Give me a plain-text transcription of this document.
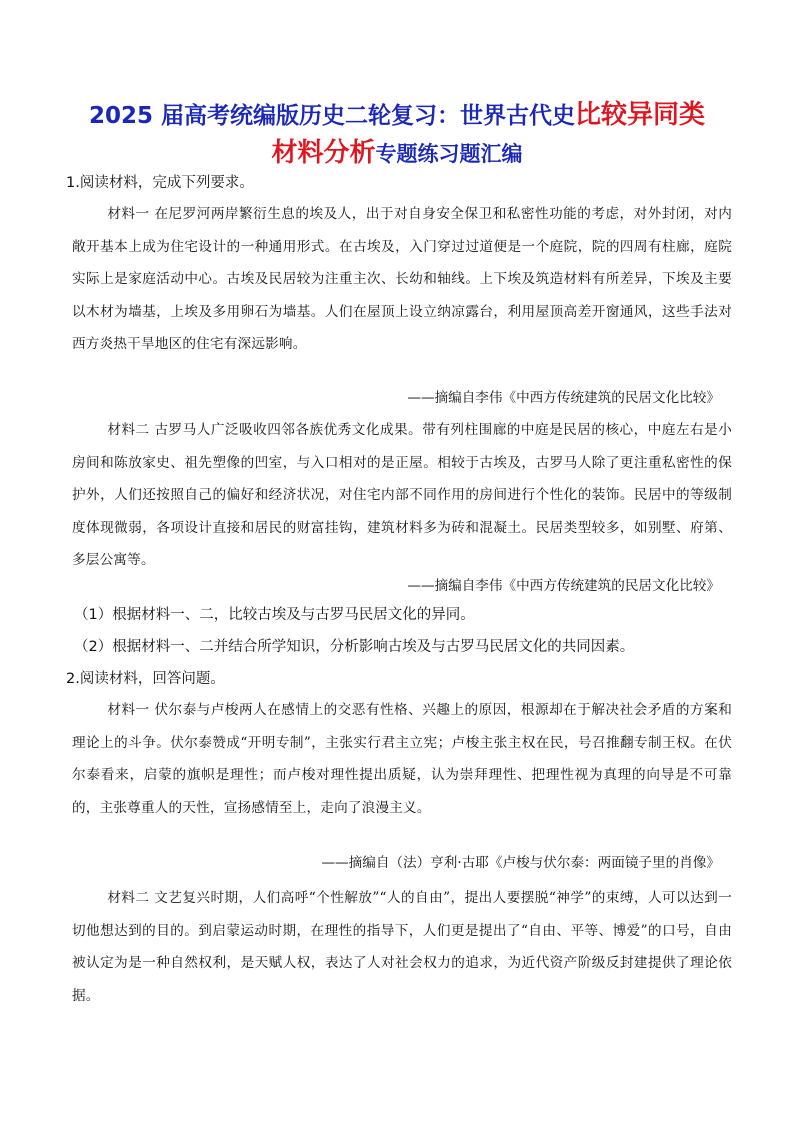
2025 届高考统编版历史二轮复习：世界古代史比较异同类
材料分析专题练习题汇编
1.阅读材料，完成下列要求。
材料一 在尼罗河两岸繁衍生息的埃及人，出于对自身安全保卫和私密性功能的考虑，对外封闭，对内敞开基本上成为住宅设计的一种通用形式。在古埃及，入门穿过过道便是一个庭院，院的四周有柱廊，庭院实际上是家庭活动中心。古埃及民居较为注重主次、长幼和轴线。上下埃及筑造材料有所差异，下埃及主要以木材为墙基，上埃及多用卵石为墙基。人们在屋顶上设立纳凉露台，利用屋顶高差开窗通风，这些手法对西方炎热干旱地区的住宅有深远影响。
——摘编自李伟《中西方传统建筑的民居文化比较》
材料二 古罗马人广泛吸收四邻各族优秀文化成果。带有列柱围廊的中庭是民居的核心，中庭左右是小房间和陈放家史、祖先塑像的凹室，与入口相对的是正屋。相较于古埃及，古罗马人除了更注重私密性的保护外，人们还按照自己的偏好和经济状况，对住宅内部不同作用的房间进行个性化的装饰。民居中的等级制度体现微弱，各项设计直接和居民的财富挂钩，建筑材料多为砖和混凝土。民居类型较多，如别墅、府第、多层公寓等。
——摘编自李伟《中西方传统建筑的民居文化比较》
（1）根据材料一、二，比较古埃及与古罗马民居文化的异同。
（2）根据材料一、二并结合所学知识，分析影响古埃及与古罗马民居文化的共同因素。
2.阅读材料，回答问题。
材料一 伏尔泰与卢梭两人在感情上的交恶有性格、兴趣上的原因，根源却在于解决社会矛盾的方案和理论上的斗争。伏尔泰赞成“开明专制”，主张实行君主立宪；卢梭主张主权在民，号召推翻专制王权。在伏尔泰看来，启蒙的旗帜是理性；而卢梭对理性提出质疑，认为崇拜理性、把理性视为真理的向导是不可靠的，主张尊重人的天性，宣扬感情至上，走向了浪漫主义。
——摘编自（法）亨利·古耶《卢梭与伏尔泰：两面镜子里的肖像》
材料二 文艺复兴时期，人们高呼“个性解放”“人的自由”，提出人要摆脱“神学”的束缚，人可以达到一切他想达到的目的。到启蒙运动时期，在理性的指导下，人们更是提出了“自由、平等、博爱”的口号，自由被认定为是一种自然权利，是天赋人权，表达了人对社会权力的追求，为近代资产阶级反封建提供了理论依据。
